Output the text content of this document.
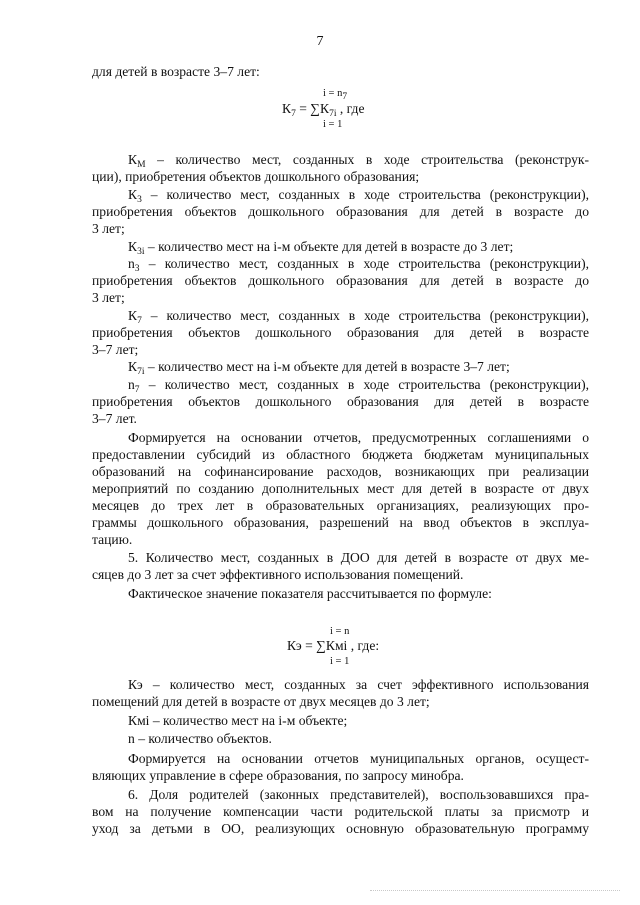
7
для детей в возрасте 3–7 лет:
i = n7
$К_7 = \sum К_{7i}$ , где
i = 1
$К_М$ – количество мест, созданных в ходе строительства (реконструк-
ции), приобретения объектов дошкольного образования;
$К_3$ – количество мест, созданных в ходе строительства (реконструкции),
приобретения объектов дошкольного образования для детей в возрасте до
3 лет;
$К_{3i}$ – количество мест на i-м объекте для детей в возрасте до 3 лет;
$n_3$ – количество мест, созданных в ходе строительства (реконструкции),
приобретения объектов дошкольного образования для детей в возрасте до
3 лет;
$К_7$ – количество мест, созданных в ходе строительства (реконструкции),
приобретения объектов дошкольного образования для детей в возрасте
3–7 лет;
$К_{7i}$ – количество мест на i-м объекте для детей в возрасте 3–7 лет;
$n_7$ – количество мест, созданных в ходе строительства (реконструкции),
приобретения объектов дошкольного образования для детей в возрасте
3–7 лет.
Формируется на основании отчетов, предусмотренных соглашениями о
предоставлении субсидий из областного бюджета бюджетам муниципальных
образований на софинансирование расходов, возникающих при реализации
мероприятий по созданию дополнительных мест для детей в возрасте от двух
месяцев до трех лет в образовательных организациях, реализующих про-
граммы дошкольного образования, разрешений на ввод объектов в эксплуа-
тацию.
5. Количество мест, созданных в ДОО для детей в возрасте от двух ме-
сяцев до 3 лет за счет эффективного использования помещений.
Фактическое значение показателя рассчитывается по формуле:
i = n
Кэ = ∑Кмi , где:
i = 1
Кэ – количество мест, созданных за счет эффективного использования
помещений для детей в возрасте от двух месяцев до 3 лет;
Кмi – количество мест на i-м объекте;
n – количество объектов.
Формируется на основании отчетов муниципальных органов, осущест-
вляющих управление в сфере образования, по запросу минобра.
6. Доля родителей (законных представителей), воспользовавшихся пра-
вом на получение компенсации части родительской платы за присмотр и
уход за детьми в ОО, реализующих основную образовательную программу
